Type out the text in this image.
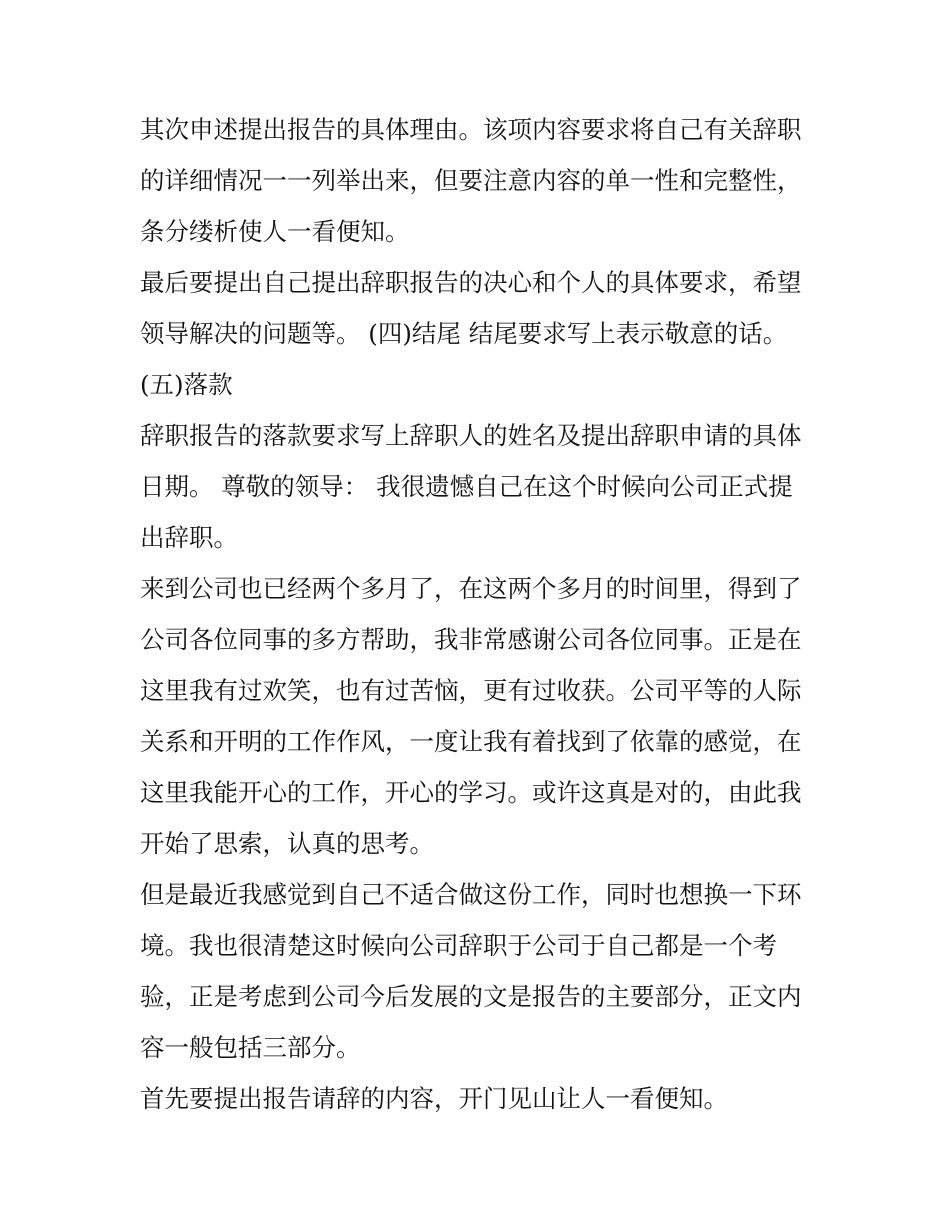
其次申述提出报告的具体理由。该项内容要求将自己有关辞职
的详细情况一一列举出来，但要注意内容的单一性和完整性，
条分缕析使人一看便知。
最后要提出自己提出辞职报告的决心和个人的具体要求，希望
领导解决的问题等。 (四)结尾 结尾要求写上表示敬意的话。
(五)落款
辞职报告的落款要求写上辞职人的姓名及提出辞职申请的具体
日期。 尊敬的领导： 我很遗憾自己在这个时候向公司正式提
出辞职。
来到公司也已经两个多月了，在这两个多月的时间里，得到了
公司各位同事的多方帮助，我非常感谢公司各位同事。正是在
这里我有过欢笑，也有过苦恼，更有过收获。公司平等的人际
关系和开明的工作作风，一度让我有着找到了依靠的感觉，在
这里我能开心的工作，开心的学习。或许这真是对的，由此我
开始了思索，认真的思考。
但是最近我感觉到自己不适合做这份工作，同时也想换一下环
境。我也很清楚这时候向公司辞职于公司于自己都是一个考
验，正是考虑到公司今后发展的文是报告的主要部分，正文内
容一般包括三部分。
首先要提出报告请辞的内容，开门见山让人一看便知。
